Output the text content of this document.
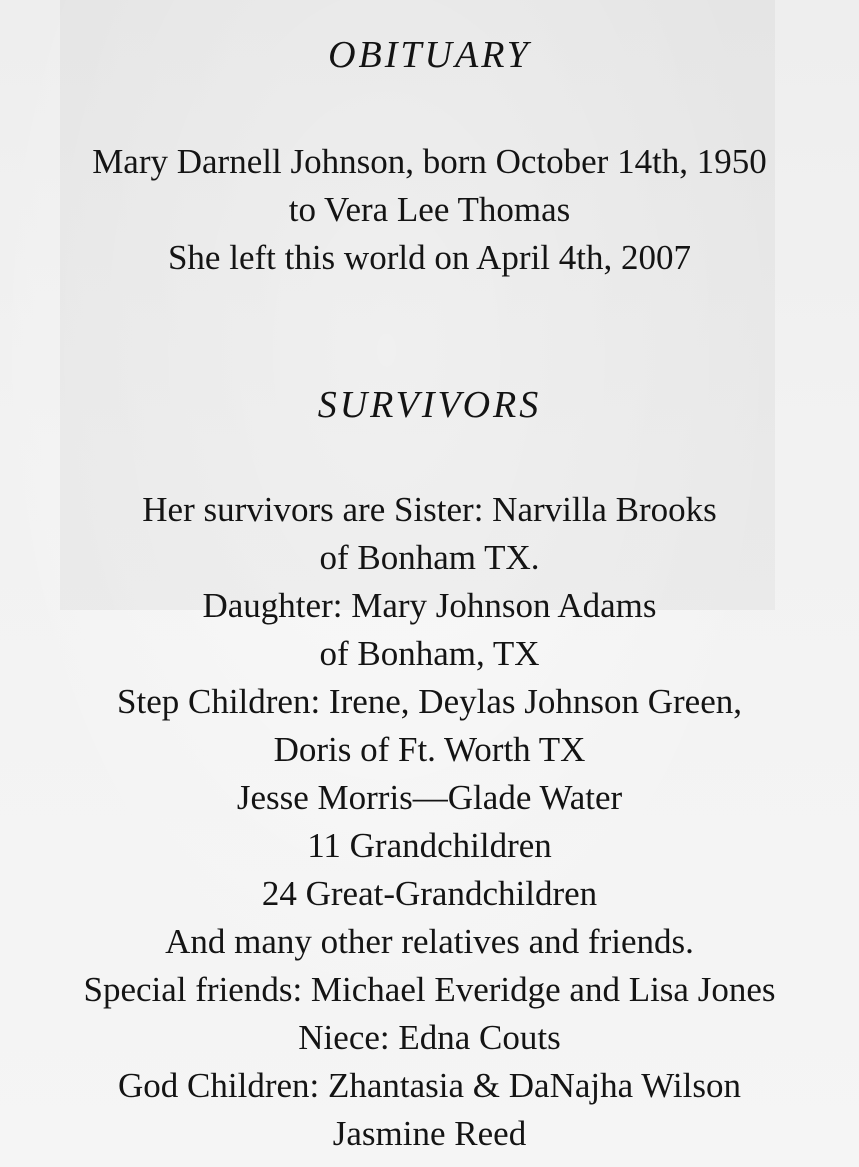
OBITUARY
Mary Darnell Johnson, born October 14th, 1950
to Vera Lee Thomas
She left this world on April 4th, 2007
SURVIVORS
Her survivors are Sister: Narvilla Brooks
of Bonham TX.
Daughter: Mary Johnson Adams
of Bonham, TX
Step Children: Irene, Deylas Johnson Green,
Doris of Ft. Worth TX
Jesse Morris—Glade Water
11 Grandchildren
24 Great-Grandchildren
And many other relatives and friends.
Special friends: Michael Everidge and Lisa Jones
Niece: Edna Couts
God Children: Zhantasia & DaNajha Wilson
Jasmine Reed
